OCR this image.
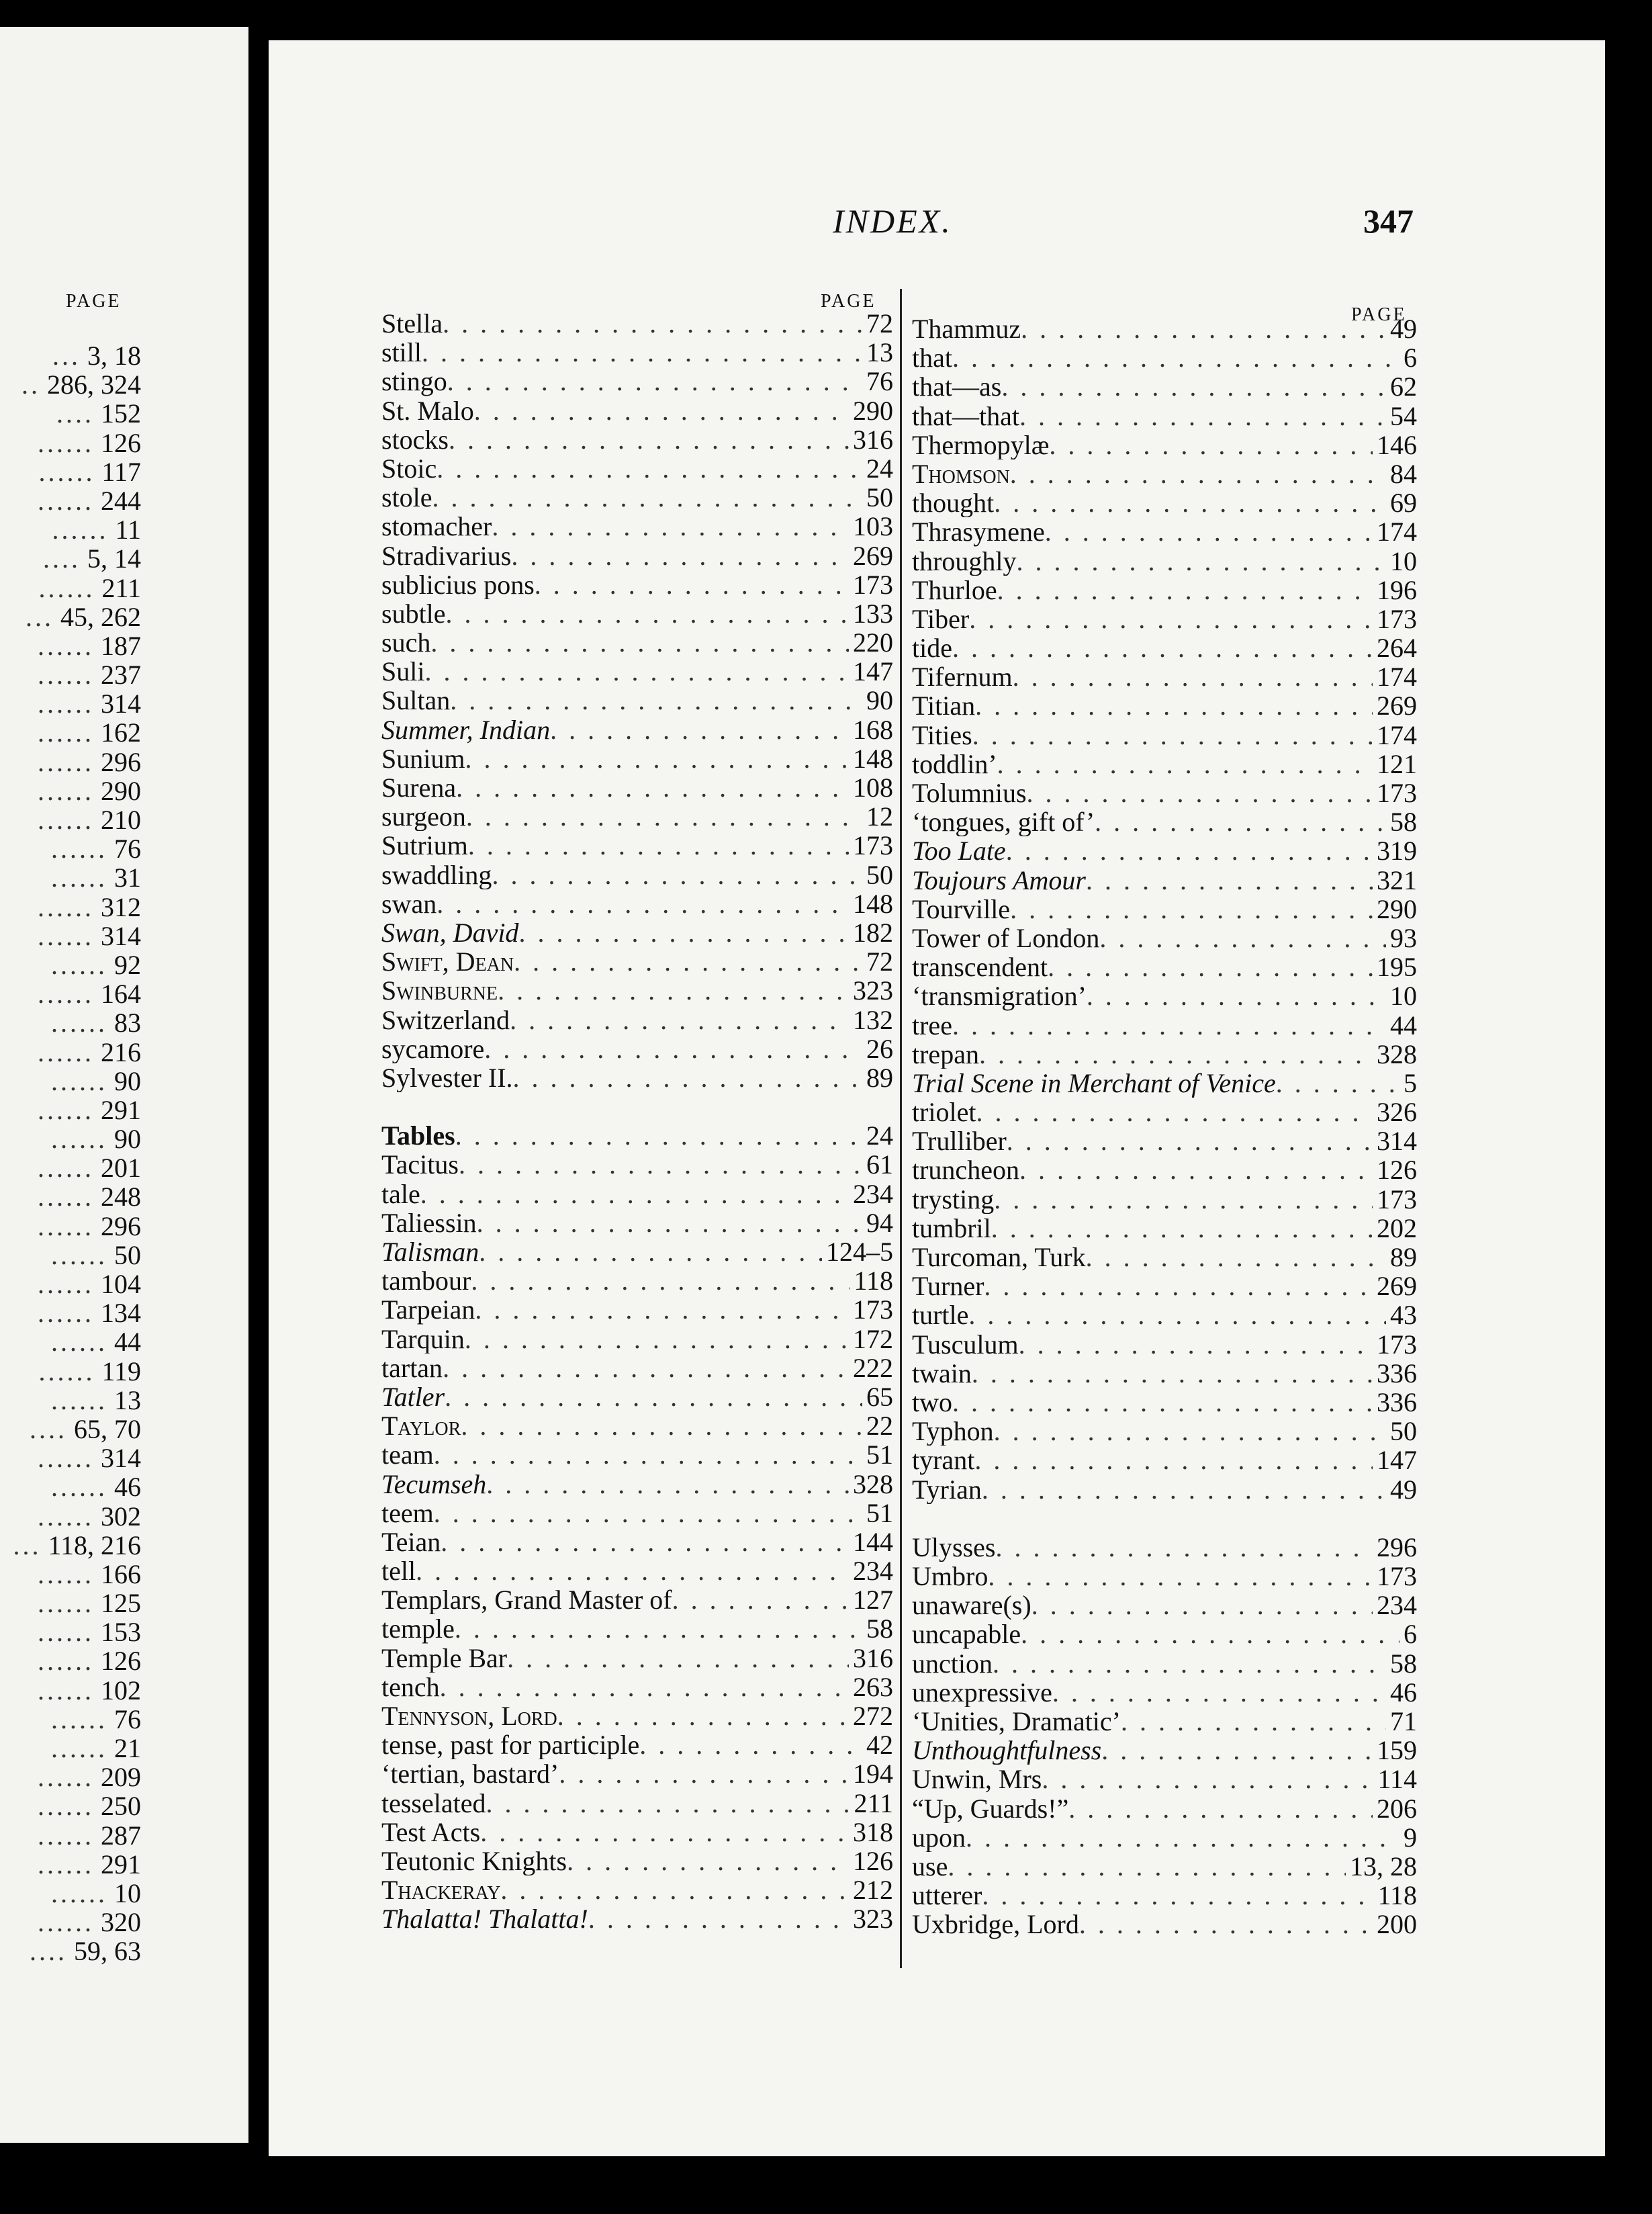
PAGE
... 3, 18
.. 286, 324
.... 152
...... 126
...... 117
...... 244
...... 11
.... 5, 14
...... 211
... 45, 262
...... 187
...... 237
...... 314
...... 162
...... 296
...... 290
...... 210
...... 76
...... 31
...... 312
...... 314
...... 92
...... 164
...... 83
...... 216
...... 90
...... 291
...... 90
...... 201
...... 248
...... 296
...... 50
...... 104
...... 134
...... 44
...... 119
...... 13
.... 65, 70
...... 314
...... 46
...... 302
... 118, 216
...... 166
...... 125
...... 153
...... 126
...... 102
...... 76
...... 21
...... 209
...... 250
...... 287
...... 291
...... 10
...... 320
.... 59, 63
INDEX.	347
PAGE
PAGE
Stella . . .	72
still . . .	13
stingo . . .	76
St. Malo . . .	290
stocks . . .	316
Stoic . . .	24
stole . . .	50
stomacher . . .	103
Stradivarius . . .	269
sublicius pons . . .	173
subtle . . .	133
such . . .	220
Suli . . .	147
Sultan . . .	90
Summer, Indian . . .	168
Sunium . . .	148
Surena . . .	108
surgeon . . .	12
Sutrium . . .	173
swaddling . . .	50
swan . . .	148
Swan, David . . .	182
Swift, Dean . . .	72
Swinburne . . .	323
Switzerland . . .	132
sycamore . . .	26
Sylvester II. . . .	89
Tables . . .	24
Tacitus . . .	61
tale . . .	234
Taliessin . . .	94
Talisman . . .	124–5
tambour . . .	118
Tarpeian . . .	173
Tarquin . . .	172
tartan . . .	222
Tatler . . .	65
Taylor . . .	22
team . . .	51
Tecumseh . . .	328
teem . . .	51
Teian . . .	144
tell . . .	234
Templars, Grand Master of . . .	127
temple . . .	58
Temple Bar . . .	316
tench . . .	263
Tennyson, Lord . . .	272
tense, past for participle . . .	42
‘tertian, bastard’ . . .	194
tesselated . . .	211
Test Acts . . .	318
Teutonic Knights . . .	126
Thackeray . . .	212
Thalatta! Thalatta! . . .	323
Thammuz . . .	49
that . . .	6
that—as . . .	62
that—that . . .	54
Thermopylæ . . .	146
Thomson . . .	84
thought . . .	69
Thrasymene . . .	174
throughly . . .	10
Thurloe . . .	196
Tiber . . .	173
tide . . .	264
Tifernum . . .	174
Titian . . .	269
Tities . . .	174
toddlin’ . . .	121
Tolumnius . . .	173
‘tongues, gift of’ . . .	58
Too Late . . .	319
Toujours Amour . . .	321
Tourville . . .	290
Tower of London . . .	93
transcendent . . .	195
‘transmigration’ . . .	10
tree . . .	44
trepan . . .	328
Trial Scene in Merchant of Venice . . .	5
triolet . . .	326
Trulliber . . .	314
truncheon . . .	126
trysting . . .	173
tumbril . . .	202
Turcoman, Turk . . .	89
Turner . . .	269
turtle . . .	43
Tusculum . . .	173
twain . . .	336
two . . .	336
Typhon . . .	50
tyrant . . .	147
Tyrian . . .	49
Ulysses . . .	296
Umbro . . .	173
unaware(s) . . .	234
uncapable . . .	6
unction . . .	58
unexpressive . . .	46
‘Unities, Dramatic’ . . .	71
Unthoughtfulness . . .	159
Unwin, Mrs . . .	114
“Up, Guards!” . . .	206
upon . . .	9
use . . .	13, 28
utterer . . .	118
Uxbridge, Lord . . .	200
